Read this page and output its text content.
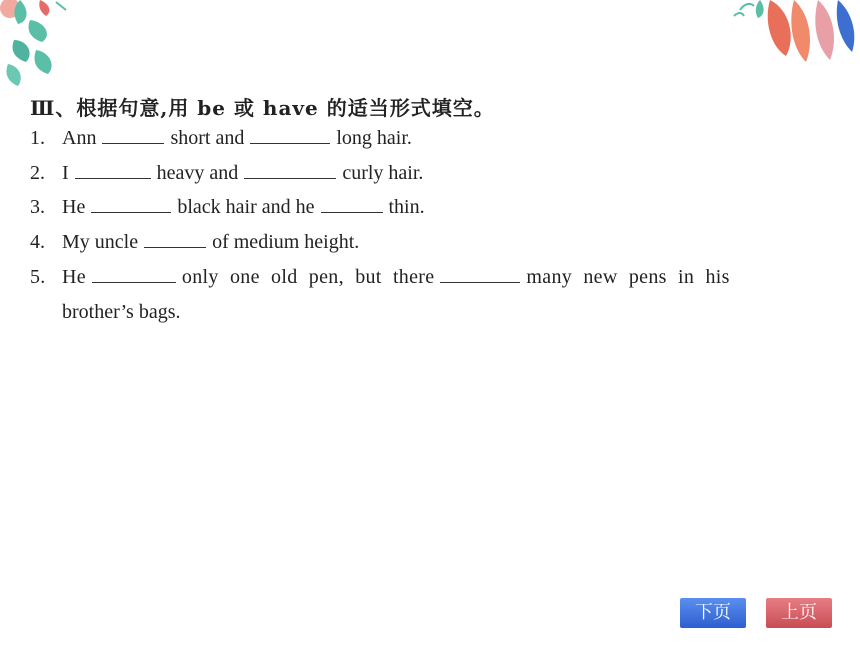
Ⅲ、根据句意,用 be 或 have 的适当形式填空。
1. Ann	short and	long hair.
2. I	heavy and	curly hair.
3. He	black hair and he	thin.
4. My uncle	of medium height.
5. He	only one old pen, but there	many new pens in his
brother’s bags.
下页	上页
